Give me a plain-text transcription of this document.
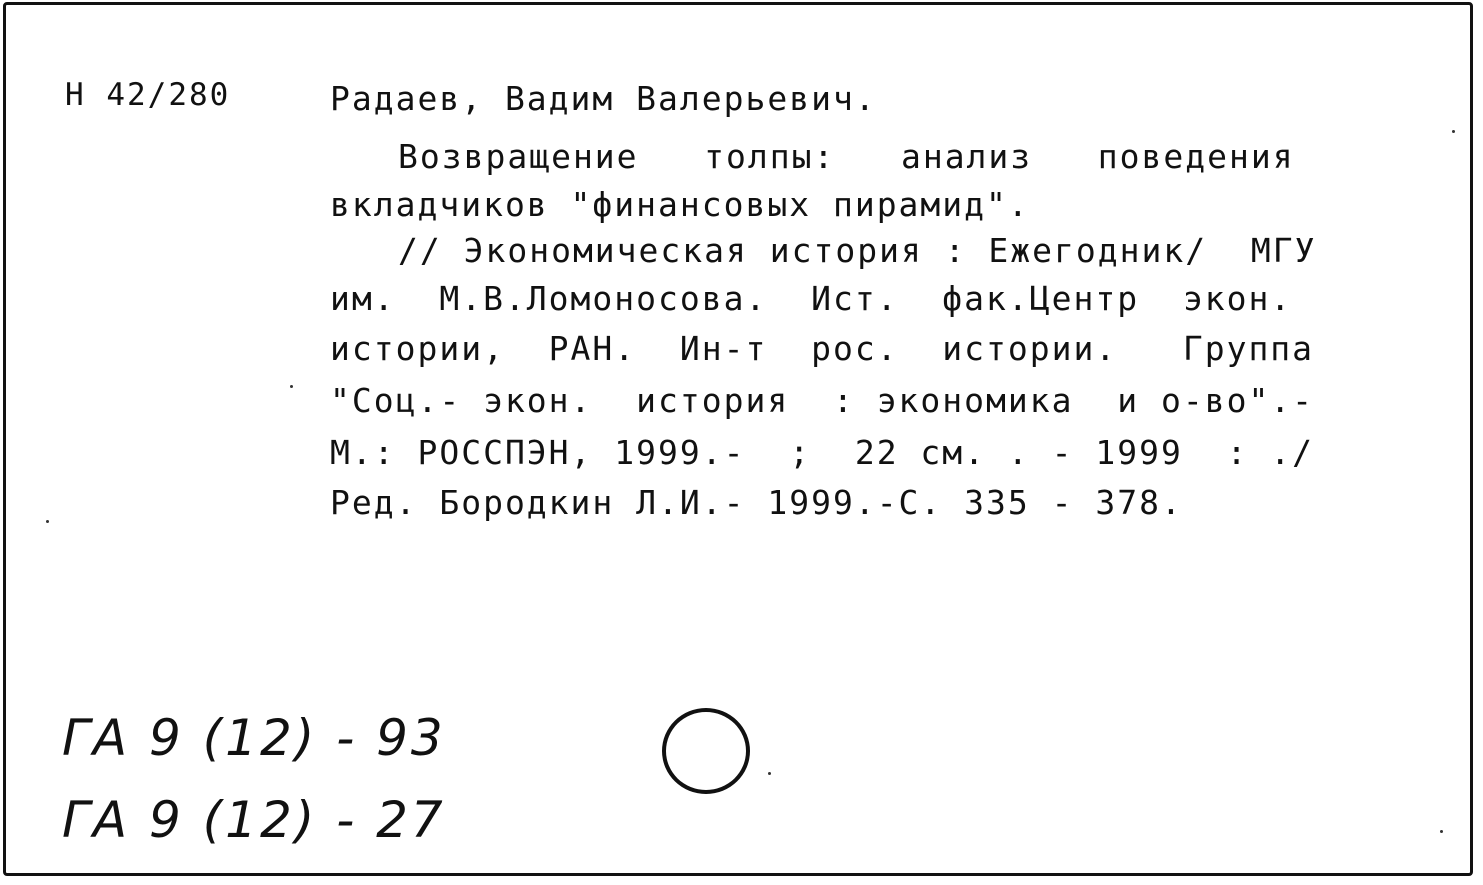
Н 42/280	Радаев, Вадим Валерьевич.
Возвращение   толпы:   анализ   поведения
вкладчиков "финансовых пирамид".
// Экономическая история : Ежегодник/  МГУ
им.  М.В.Ломоносова.  Ист.  фак.Центр  экон.
истории,  РАН.  Ин-т  рос.  истории.   Группа
"Соц.- экон.  история  : экономика  и о-во".-
М.: РОССПЭН, 1999.-  ;  22 см. . - 1999  : ./
Ред. Бородкин Л.И.- 1999.-С. 335 - 378.
ГА 9 (12) - 93
ГА 9 (12) - 27
